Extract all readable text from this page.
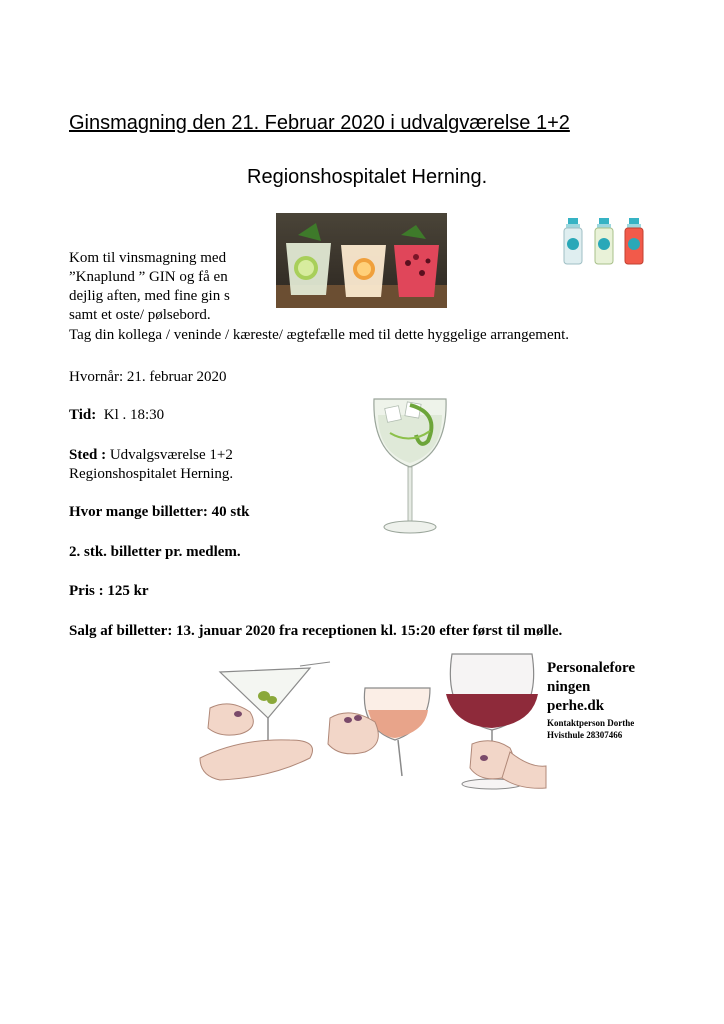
Ginsmagning den 21. Februar 2020 i udvalgværelse 1+2
Regionshospitalet Herning.
Kom til vinsmagning med
”Knaplund ” GIN og få en
dejlig aften, med fine gin s
samt et oste/ pølsebord.
Tag din kollega / veninde / kæreste/ ægtefælle med til dette hyggelige arrangement.
Hvornår: 21. februar 2020
Tid: Kl . 18:30
Sted : Udvalgsværelse 1+2
Regionshospitalet Herning.
Hvor mange billetter: 40 stk
2. stk. billetter pr. medlem.
Pris : 125 kr
Salg af billetter: 13. januar 2020 fra receptionen kl. 15:20 efter først til mølle.
Personalefore
ningen
perhe.dk
Kontaktperson Dorthe
Hvisthule 28307466
